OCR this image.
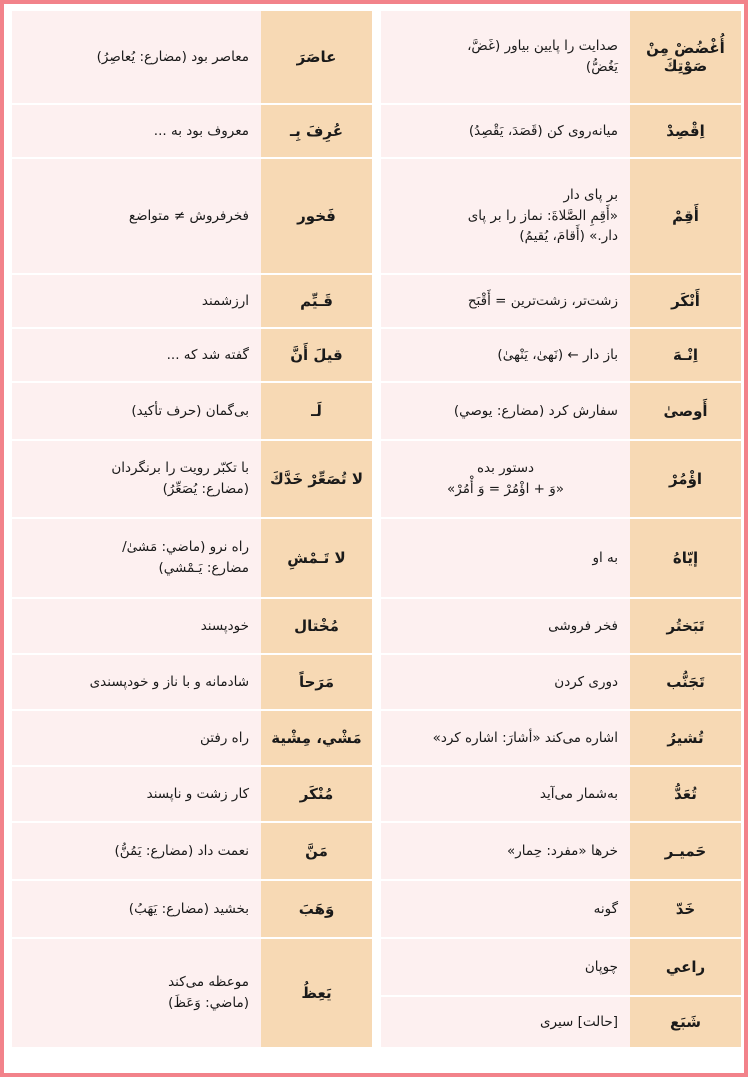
أُغْضُضْ مِنْ صَوْتِكَ
صدایت را پایین بیاور (غَضَّ،
يَغُضُّ)
اِقْصِدْ
میانه‌روی کن (قَصَدَ، يَقْصِدُ)
أَقِمْ
بر پای دار
«أَقِمِ الصَّلاةَ: نماز را بر پای
دار.» (أَقامَ، يُقيمُ)
أَنْكَر
زشت‌تر، زشت‌ترین = أَقْبَح
اِنْـهَ
باز دار ← (نَهىٰ، يَنْهىٰ)
أَوصىٰ
سفارش کرد (مضارع: يوصي)
اؤْمُرْ
دستور بده
«وَ + اؤْمُرْ = وَ أْمُرْ»
إيّاهُ
به او
تَبَختُر
فخر فروشی
تَجَنُّب
دوری کردن
تُشيرُ
اشاره می‌کند «أشارَ: اشاره کرد»
تُعَدُّ
به‌شمار می‌آید
حَميـر
خرها «مفرد: حِمار»
خَدّ
گونه
راعي
چوپان
شَبَع
[حالت] سیری
عاصَرَ
معاصر بود (مضارع: يُعاصِرُ)
عُرِفَ بِـ
معروف بود به ...
فَخور
فخرفروش ≠ متواضع
قَـيِّم
ارزشمند
قيلَ أَنَّ
گفته شد که ...
لَـ
بی‌گمان (حرف تأكيد)
لا تُصَعِّرْ خَدَّكَ
با تکبّر رویت را برنگردان
(مضارع: يُصَعِّرُ)
لا تَـمْشِ
راه نرو (ماضي: مَشىٰ/
مضارع: يَـمْشي)
مُخْتال
خودپسند
مَرَحاً
شادمانه و با ناز و خودپسندی
مَشْي، مِشْية
راه رفتن
مُنْكَر
کار زشت و ناپسند
مَنَّ
نعمت داد (مضارع: يَمُنُّ)
وَهَبَ
بخشید (مضارع: يَهَبُ)
يَعِظُ
موعظه می‌کند
(ماضي: وَعَظَ)
